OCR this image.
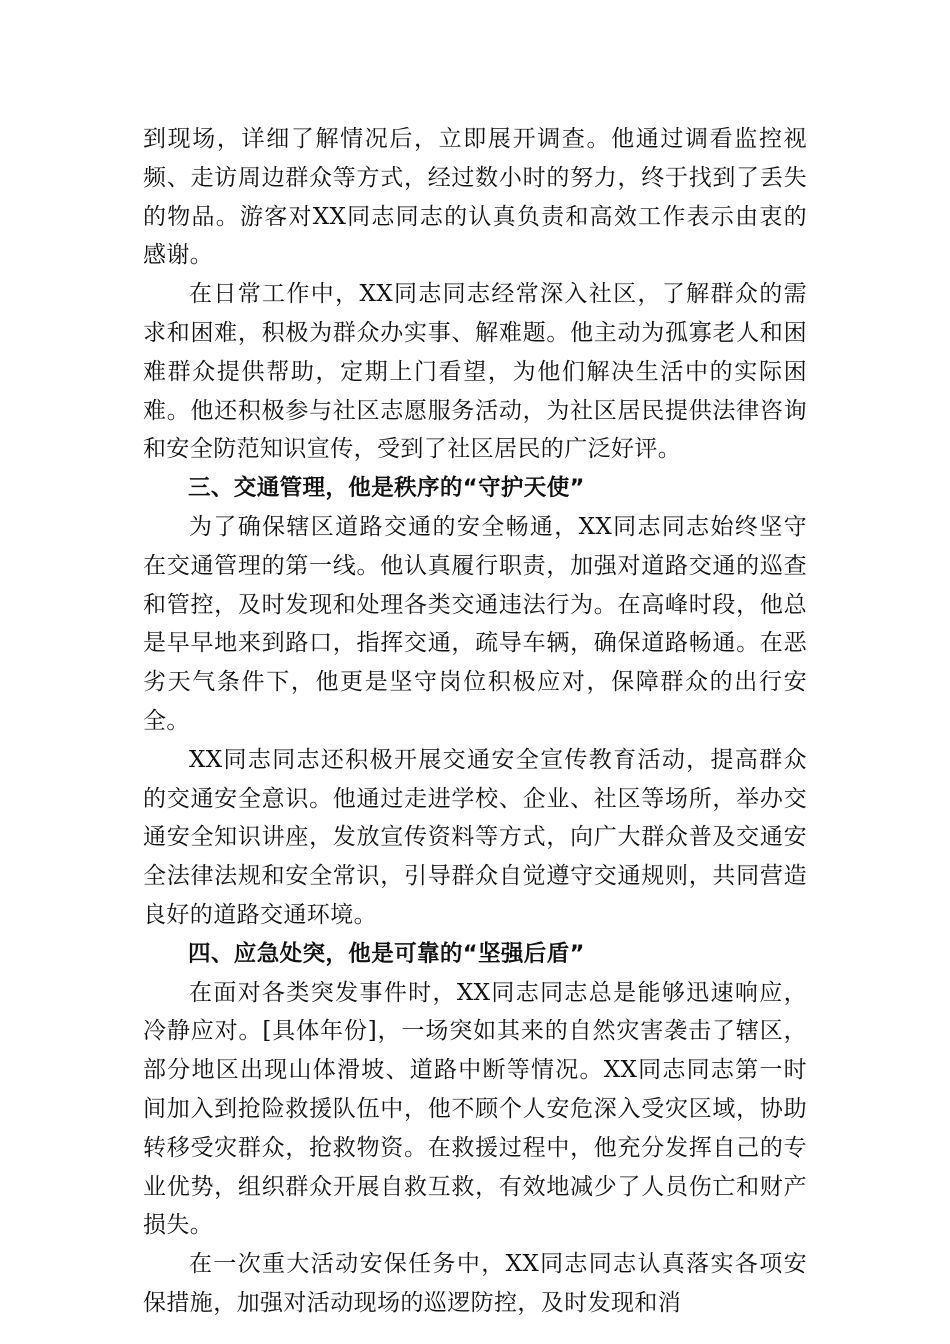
到现场，详细了解情况后，立即展开调查。他通过调看监控视频、走访周边群众等方式，经过数小时的努力，终于找到了丢失的物品。游客对XX同志同志的认真负责和高效工作表示由衷的感谢。

在日常工作中，XX同志同志经常深入社区，了解群众的需求和困难，积极为群众办实事、解难题。他主动为孤寡老人和困难群众提供帮助，定期上门看望，为他们解决生活中的实际困难。他还积极参与社区志愿服务活动，为社区居民提供法律咨询和安全防范知识宣传，受到了社区居民的广泛好评。

三、交通管理，他是秩序的“守护天使”

为了确保辖区道路交通的安全畅通，XX同志同志始终坚守在交通管理的第一线。他认真履行职责，加强对道路交通的巡查和管控，及时发现和处理各类交通违法行为。在高峰时段，他总是早早地来到路口，指挥交通，疏导车辆，确保道路畅通。在恶劣天气条件下，他更是坚守岗位积极应对，保障群众的出行安全。

XX同志同志还积极开展交通安全宣传教育活动，提高群众的交通安全意识。他通过走进学校、企业、社区等场所，举办交通安全知识讲座，发放宣传资料等方式，向广大群众普及交通安全法律法规和安全常识，引导群众自觉遵守交通规则，共同营造良好的道路交通环境。

四、应急处突，他是可靠的“坚强后盾”

在面对各类突发事件时，XX同志同志总是能够迅速响应，冷静应对。[具体年份]，一场突如其来的自然灾害袭击了辖区，部分地区出现山体滑坡、道路中断等情况。XX同志同志第一时间加入到抢险救援队伍中，他不顾个人安危深入受灾区域，协助转移受灾群众，抢救物资。在救援过程中，他充分发挥自己的专业优势，组织群众开展自救互救，有效地减少了人员伤亡和财产损失。

在一次重大活动安保任务中，XX同志同志认真落实各项安保措施，加强对活动现场的巡逻防控，及时发现和消
